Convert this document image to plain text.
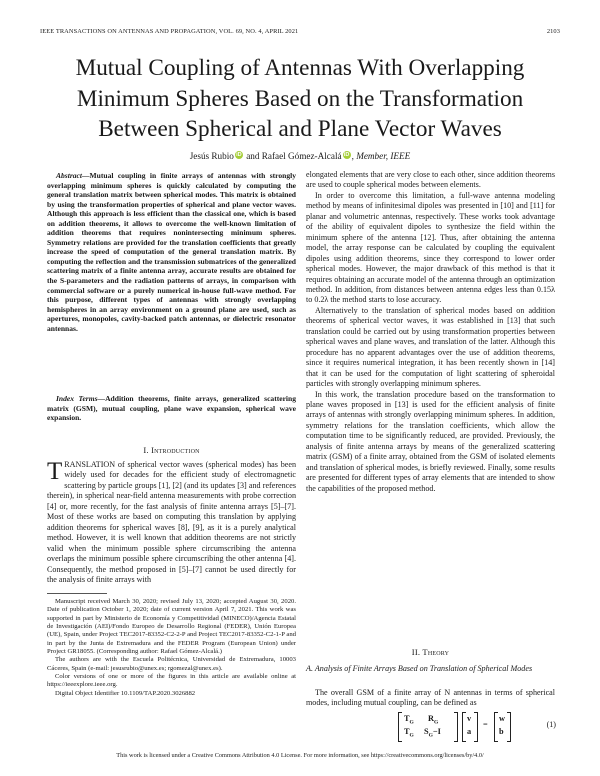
IEEE TRANSACTIONS ON ANTENNAS AND PROPAGATION, VOL. 69, NO. 4, APRIL 2021	2103
Mutual Coupling of Antennas With Overlapping Minimum Spheres Based on the Transformation Between Spherical and Plane Vector Waves
Jesús Rubio iD and Rafael Gómez-Alcalá iD , Member, IEEE

Abstract—Mutual coupling in finite arrays of antennas with strongly overlapping minimum spheres is quickly calculated by computing the general translation matrix between spherical modes. This matrix is obtained by using the transformation properties of spherical and plane vector waves. Although this approach is less efficient than the classical one, which is based on addition theorems, it allows to overcome the well-known limitation of addition theorems that requires nonintersecting minimum spheres. Symmetry relations are provided for the translation coefficients that greatly increase the speed of computation of the general translation matrix. By computing the reflection and the transmission submatrices of the generalized scattering matrix of a finite antenna array, accurate results are obtained for the S-parameters and the radiation patterns of arrays, in comparison with commercial software or a purely numerical in-house full-wave method. For this purpose, different types of antennas with strongly overlapping hemispheres in an array environment on a ground plane are used, such as apertures, monopoles, cavity-backed patch antennas, or dielectric resonator antennas.

Index Terms—Addition theorems, finite arrays, generalized scattering matrix (GSM), mutual coupling, plane wave expansion, spherical wave expansion.

I. Introduction

TRANSLATION of spherical vector waves (spherical modes) has been widely used for decades for the efficient study of electromagnetic scattering by particle groups [1], [2] (and its updates [3] and references therein), in spherical near-field antenna measurements with probe correction [4] or, more recently, for the fast analysis of finite antenna arrays [5]–[7]. Most of these works are based on computing this translation by applying addition theorems for spherical waves [8], [9], as it is a purely analytical method. However, it is well known that addition theorems are not strictly valid when the minimum possible sphere circumscribing the antenna overlaps the minimum possible sphere circumscribing the other antenna [4]. Consequently, the method proposed in [5]–[7] cannot be used directly for the analysis of finite arrays with

Manuscript received March 30, 2020; revised July 13, 2020; accepted August 30, 2020. Date of publication October 1, 2020; date of current version April 7, 2021. This work was supported in part by Ministerio de Economía y Competitividad (MINECO)/Agencia Estatal de Investigación (AEI)/Fondo Europeo de Desarrollo Regional (FEDER), Unión Europea (UE), Spain, under Project TEC2017-83352-C2-2-P and Project TEC2017-83352-C2-1-P and in part by the Junta de Extremadura and the FEDER Program (European Union) under Project GR18055. (Corresponding author: Rafael Gómez-Alcalá.)

The authors are with the Escuela Politécnica, Universidad de Extremadura, 10003 Cáceres, Spain (e-mail: jesusrubio@unex.es; rgomezal@unex.es).

Color versions of one or more of the figures in this article are available online at https://ieeexplore.ieee.org.

Digital Object Identifier 10.1109/TAP.2020.3026882

elongated elements that are very close to each other, since addition theorems are used to couple spherical modes between elements.

In order to overcome this limitation, a full-wave antenna modeling method by means of infinitesimal dipoles was presented in [10] and [11] for planar and volumetric antennas, respectively. These works took advantage of the ability of equivalent dipoles to synthesize the field within the minimum sphere of the antenna [12]. Thus, after obtaining the antenna model, the array response can be calculated by coupling the equivalent dipoles using addition theorems, since they correspond to lower order spherical modes. However, the major drawback of this method is that it requires obtaining an accurate model of the antenna through an optimization method. In addition, from distances between antenna edges less than 0.15λ to 0.2λ the method starts to lose accuracy.

Alternatively to the translation of spherical modes based on addition theorems of spherical vector waves, it was established in [13] that such translation could be carried out by using transformation properties between spherical waves and plane waves, and translation of the latter. Although this procedure has no apparent advantages over the use of addition theorems, since it requires numerical integration, it has been recently shown in [14] that it can be used for the computation of light scattering of spheroidal particles with strongly overlapping minimum spheres.

In this work, the translation procedure based on the transformation to plane waves proposed in [13] is used for the efficient analysis of finite arrays of antennas with strongly overlapping minimum spheres. In addition, symmetry relations for the translation coefficients, which allow the computation time to be significantly reduced, are provided. Previously, the analysis of finite antenna arrays by means of the generalized scattering matrix (GSM) of a finite array, obtained from the GSM of isolated elements and translation of spherical modes, is briefly reviewed. Finally, some results are presented for different types of array elements that are intended to show the capabilities of the proposed method.

II. Theory
A. Analysis of Finite Arrays Based on Translation of Spherical Modes

The overall GSM of a finite array of N antennas in terms of spherical modes, including mutual coupling, can be defined as

$T_G$ $R_G$
$T_G$ $S_G-I$
v
a
=
w
b
(1)
This work is licensed under a Creative Commons Attribution 4.0 License. For more information, see https://creativecommons.org/licenses/by/4.0/
